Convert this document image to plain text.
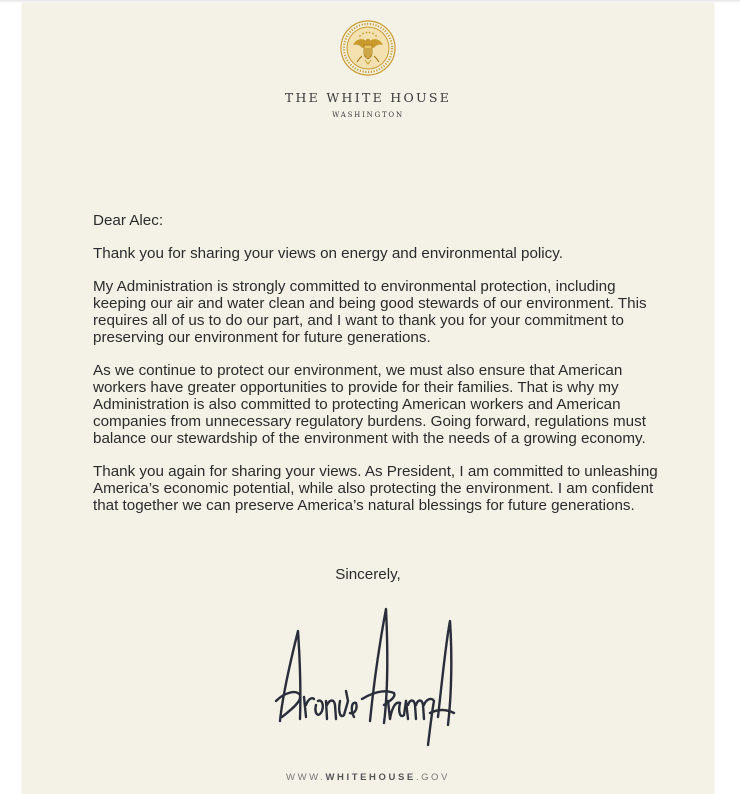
THE WHITE HOUSE
WASHINGTON

Dear Alec:

Thank you for sharing your views on energy and environmental policy.

My Administration is strongly committed to environmental protection, including keeping our air and water clean and being good stewards of our environment. This requires all of us to do our part, and I want to thank you for your commitment to preserving our environment for future generations.

As we continue to protect our environment, we must also ensure that American workers have greater opportunities to provide for their families. That is why my Administration is also committed to protecting American workers and American companies from unnecessary regulatory burdens. Going forward, regulations must balance our stewardship of the environment with the needs of a growing economy.

Thank you again for sharing your views. As President, I am committed to unleashing America’s economic potential, while also protecting the environment. I am confident that together we can preserve America’s natural blessings for future generations.

Sincerely,
WWW.WHITEHOUSE.GOV
